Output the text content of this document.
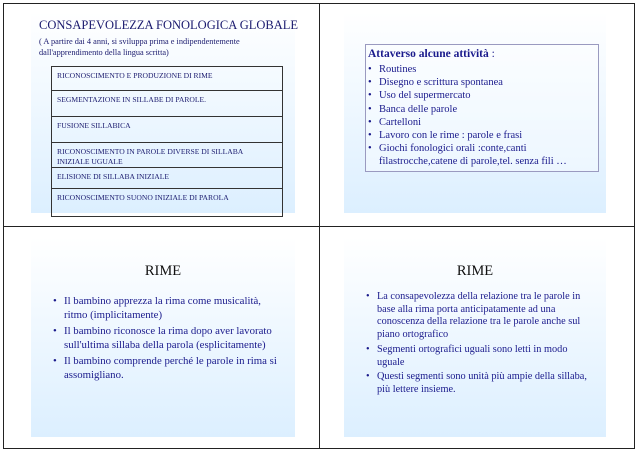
CONSAPEVOLEZZA FONOLOGICA GLOBALE
( A partire dai 4 anni, si sviluppa prima e indipendentemente dall'apprendimento della lingua scritta)
RICONOSCIMENTO E PRODUZIONE DI RIME
SEGMENTAZIONE IN SILLABE DI PAROLE.
FUSIONE SILLABICA
RICONOSCIMENTO IN PAROLE DIVERSE DI SILLABA INIZIALE UGUALE
ELISIONE DI SILLABA INIZIALE
RICONOSCIMENTO SUONO INIZIALE DI PAROLA
Attaverso alcune attività :
• Routines
• Disegno e scrittura spontanea
• Uso del supermercato
• Banca delle parole
• Cartelloni
• Lavoro con le rime : parole e frasi
• Giochi fonologici orali :conte,canti filastrocche,catene di parole,tel. senza fili …
RIME
• Il bambino apprezza la rima come musicalità, ritmo (implicitamente)
• Il bambino riconosce la rima dopo aver lavorato sull'ultima sillaba della parola (esplicitamente)
• Il bambino comprende perché le parole in rima si assomigliano.
RIME
• La consapevolezza della relazione tra le parole in base alla rima porta anticipatamente ad una conoscenza della relazione tra le parole anche sul piano ortografico
• Segmenti ortografici uguali sono letti in modo uguale
• Questi segmenti sono unità più ampie della sillaba, più lettere insieme.
